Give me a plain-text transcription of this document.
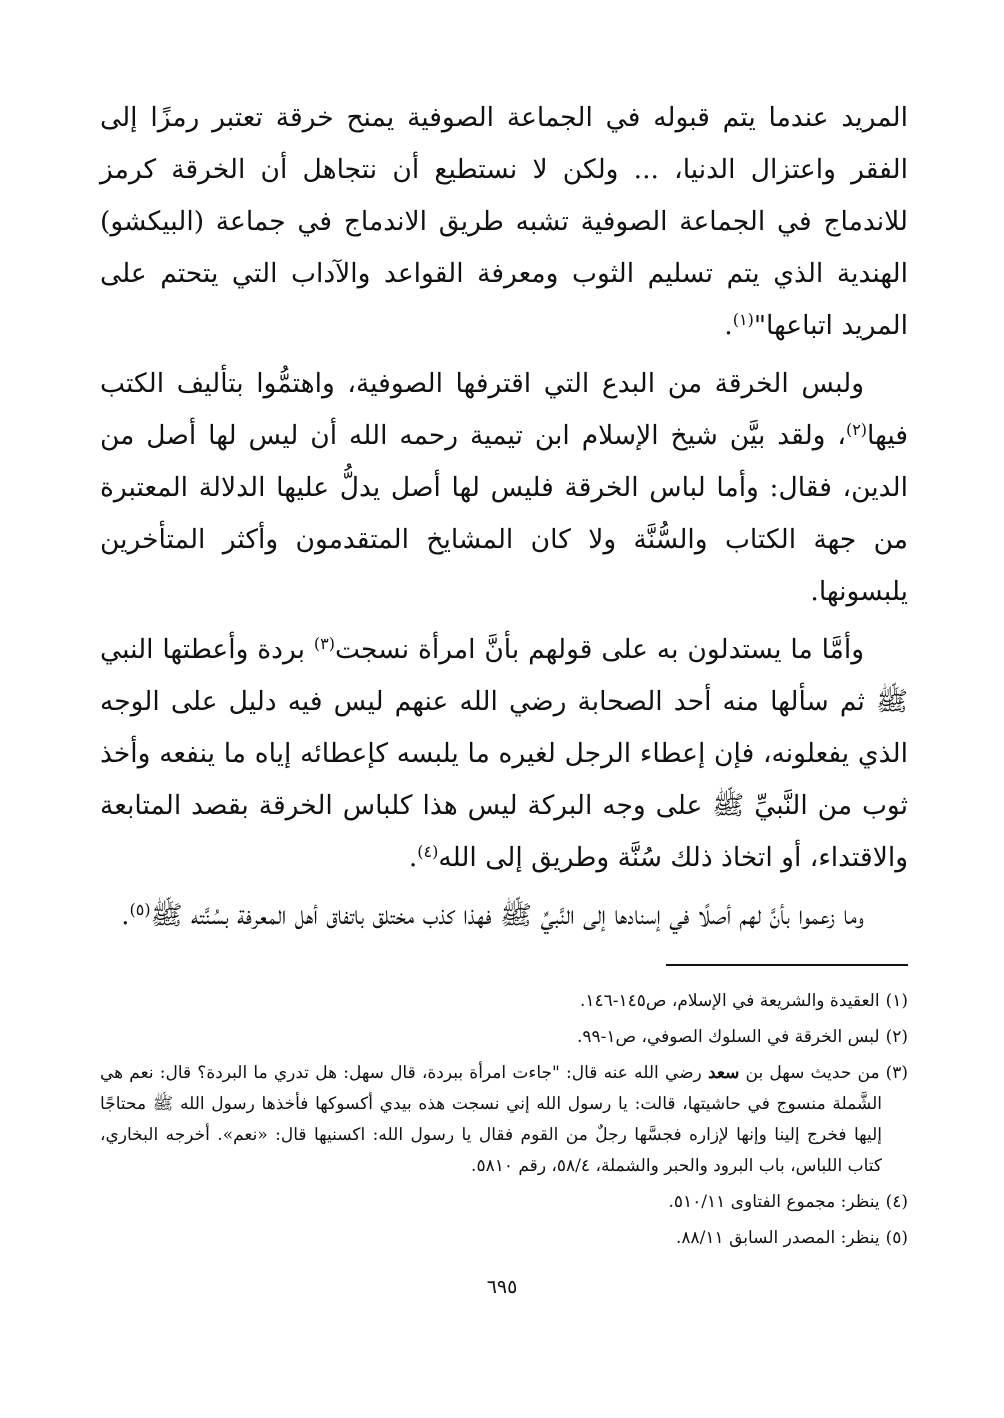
المريد عندما يتم قبوله في الجماعة الصوفية يمنح خرقة تعتبر رمزًا إلى الفقر واعتزال الدنيا، ... ولكن لا نستطيع أن نتجاهل أن الخرقة كرمز للاندماج في الجماعة الصوفية تشبه طريق الاندماج في جماعة (البيكشو) الهندية الذي يتم تسليم الثوب ومعرفة القواعد والآداب التي يتحتم على المريد اتباعها"$^{(١)}$.

ولبس الخرقة من البدع التي اقترفها الصوفية، واهتمُّوا بتأليف الكتب فيها$^{(٢)}$، ولقد بيَّن شيخ الإسلام ابن تيمية رحمه الله أن ليس لها أصل من الدين، فقال: وأما لباس الخرقة فليس لها أصل يدلُّ عليها الدلالة المعتبرة من جهة الكتاب والسُّنَّة ولا كان المشايخ المتقدمون وأكثر المتأخرين يلبسونها.

وأمَّا ما يستدلون به على قولهم بأنَّ امرأة نسجت$^{(٣)}$ بردة وأعطتها النبي ﷺ ثم سألها منه أحد الصحابة رضي الله عنهم ليس فيه دليل على الوجه الذي يفعلونه، فإن إعطاء الرجل لغيره ما يلبسه كإعطائه إياه ما ينفعه وأخذ ثوب من النَّبيِّ ﷺ على وجه البركة ليس هذا كلباس الخرقة بقصد المتابعة والاقتداء، أو اتخاذ ذلك سُنَّة وطريق إلى الله$^{(٤)}$.

وما زعموا بأنَّ لهم أصلًا في إسنادها إلى النَّبيِّ ﷺ فهذا كذب مختلق باتفاق أهل المعرفة بسُنَّته ﷺ$^{(٥)}$.

(١)العقيدة والشريعة في الإسلام، ص١٤٥-١٤٦.

(٢)لبس الخرقة في السلوك الصوفي، ص١-٩٩.

(٣)من حديث سهل بن سعد رضي الله عنه قال: "جاءت امرأة ببردة، قال سهل: هل تدري ما البردة؟ قال: نعم هي الشَّملة منسوج في حاشيتها، قالت: يا رسول الله إني نسجت هذه بيدي أكسوكها فأخذها رسول الله ﷺ محتاجًا إليها فخرج إلينا وإنها لإزاره فجسَّها رجلٌ من القوم فقال يا رسول الله: اكسنيها قال: «نعم». أخرجه البخاري، كتاب اللباس، باب البرود والحبر والشملة، ٥٨/٤، رقم ٥٨١٠.

(٤)ينظر: مجموع الفتاوى ٥١٠/١١.

(٥)ينظر: المصدر السابق ٨٨/١١.

٦٩٥
